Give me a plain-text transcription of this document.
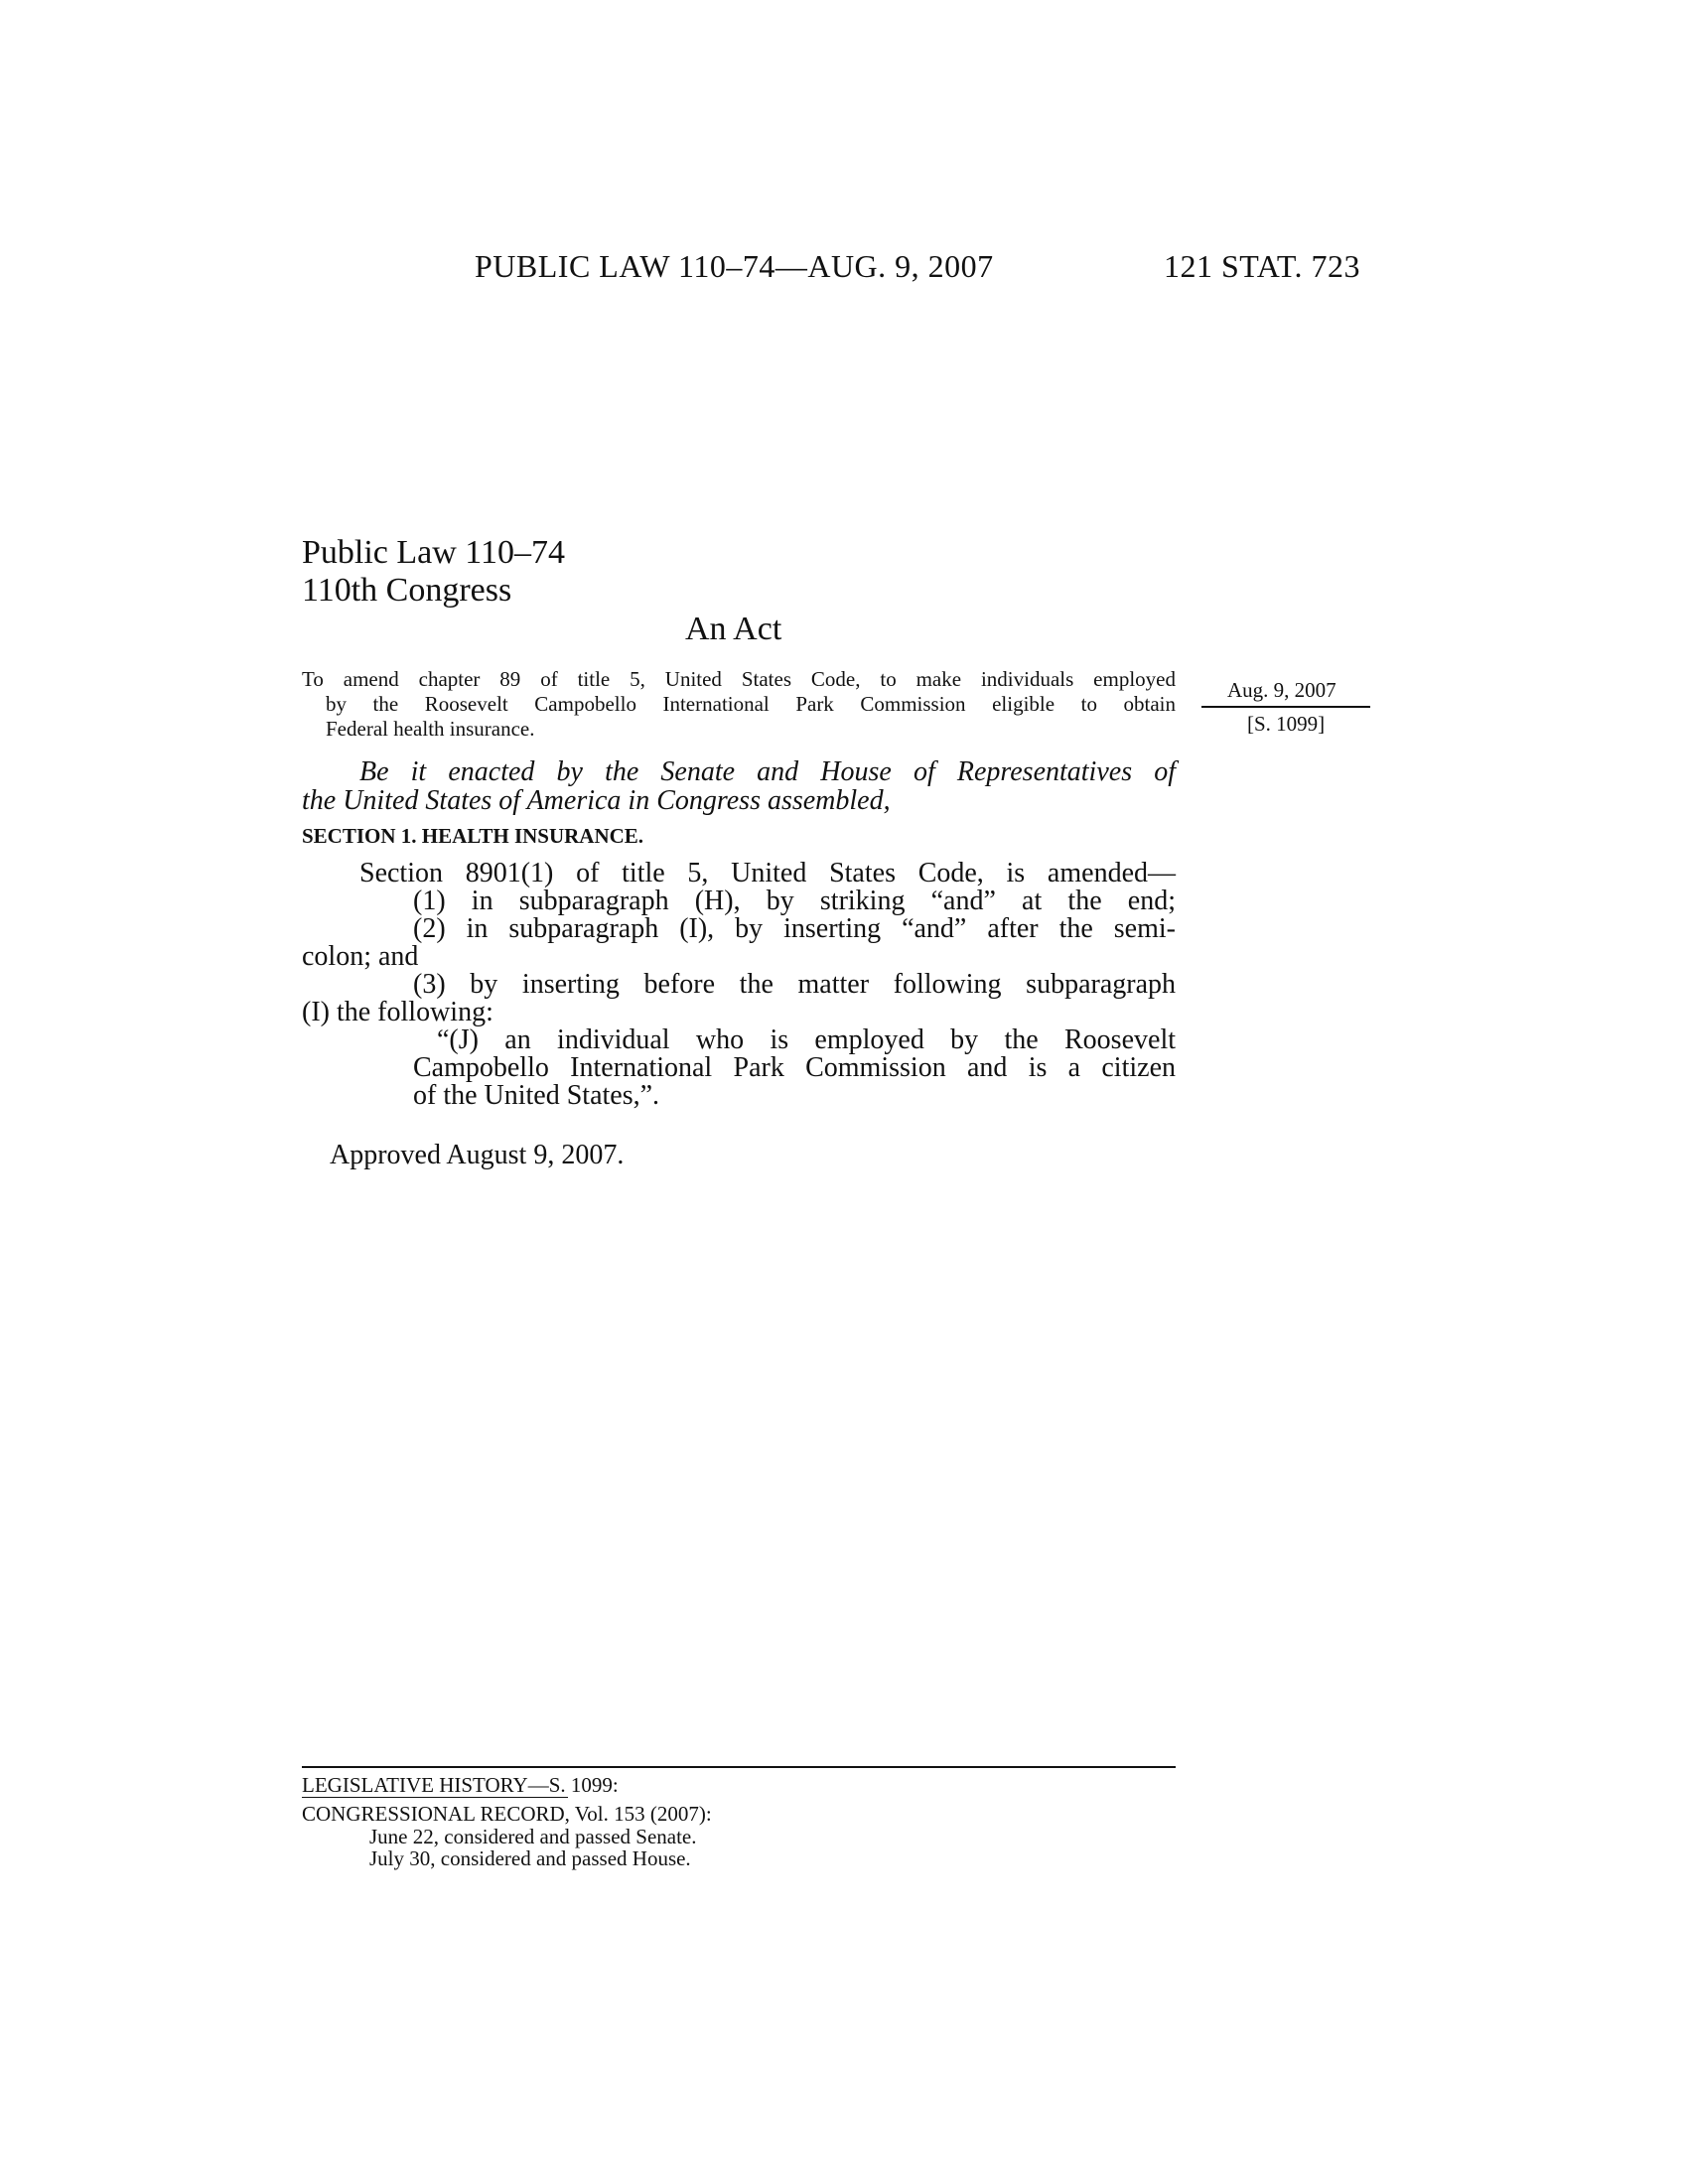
PUBLIC LAW 110–74—AUG. 9, 2007	121 STAT. 723
Public Law 110–74
110th Congress
An Act
To amend chapter 89 of title 5, United States Code, to make individuals employed
by the Roosevelt Campobello International Park Commission eligible to obtain
Federal health insurance.
Aug. 9, 2007
[S. 1099]
Be it enacted by the Senate and House of Representatives of
the United States of America in Congress assembled,
SECTION 1. HEALTH INSURANCE.
Section 8901(1) of title 5, United States Code, is amended—
(1) in subparagraph (H), by striking “and” at the end;
(2) in subparagraph (I), by inserting “and” after the semi-
colon; and
(3) by inserting before the matter following subparagraph
(I) the following:
“(J) an individual who is employed by the Roosevelt
Campobello International Park Commission and is a citizen
of the United States,”.
Approved August 9, 2007.
LEGISLATIVE HISTORY—S. 1099:
CONGRESSIONAL RECORD, Vol. 153 (2007):
June 22, considered and passed Senate.
July 30, considered and passed House.
